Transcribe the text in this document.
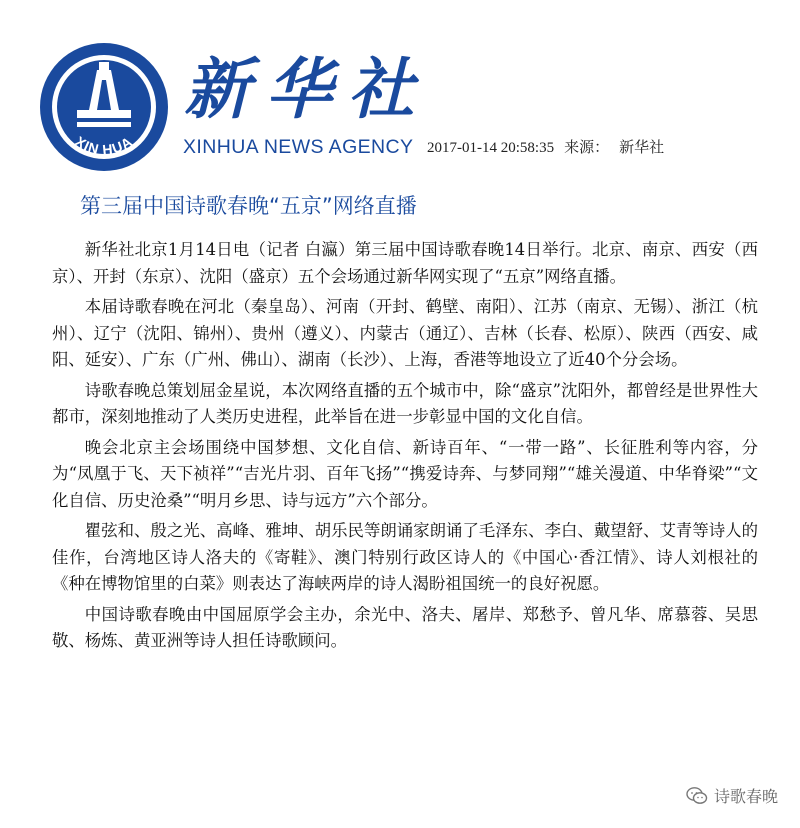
XIN HUA
新华社
XINHUA NEWS AGENCY 2017-01-14 20:58:35 来源： 新华社
第三届中国诗歌春晚“五京”网络直播

新华社北京1月14日电（记者 白瀛）第三届中国诗歌春晚14日举行。北京、南京、西安（西京）、开封（东京）、沈阳（盛京）五个会场通过新华网实现了“五京”网络直播。

本届诗歌春晚在河北（秦皇岛）、河南（开封、鹤壁、南阳）、江苏（南京、无锡）、浙江（杭州）、辽宁（沈阳、锦州）、贵州（遵义）、内蒙古（通辽）、吉林（长春、松原）、陕西（西安、咸阳、延安）、广东（广州、佛山）、湖南（长沙）、上海，香港等地设立了近40个分会场。

诗歌春晚总策划屈金星说，本次网络直播的五个城市中，除“盛京”沈阳外，都曾经是世界性大都市，深刻地推动了人类历史进程，此举旨在进一步彰显中国的文化自信。

晚会北京主会场围绕中国梦想、文化自信、新诗百年、“一带一路”、长征胜利等内容，分为“凤凰于飞、天下祯祥”“吉光片羽、百年飞扬”“携爱诗奔、与梦同翔”“雄关漫道、中华脊梁”“文化自信、历史沧桑”“明月乡思、诗与远方”六个部分。

瞿弦和、殷之光、高峰、雅坤、胡乐民等朗诵家朗诵了毛泽东、李白、戴望舒、艾青等诗人的佳作，台湾地区诗人洛夫的《寄鞋》、澳门特别行政区诗人的《中国心·香江情》、诗人刘根社的《种在博物馆里的白菜》则表达了海峡两岸的诗人渴盼祖国统一的良好祝愿。

中国诗歌春晚由中国屈原学会主办，余光中、洛夫、屠岸、郑愁予、曾凡华、席慕蓉、吴思敬、杨炼、黄亚洲等诗人担任诗歌顾问。

诗歌春晚
